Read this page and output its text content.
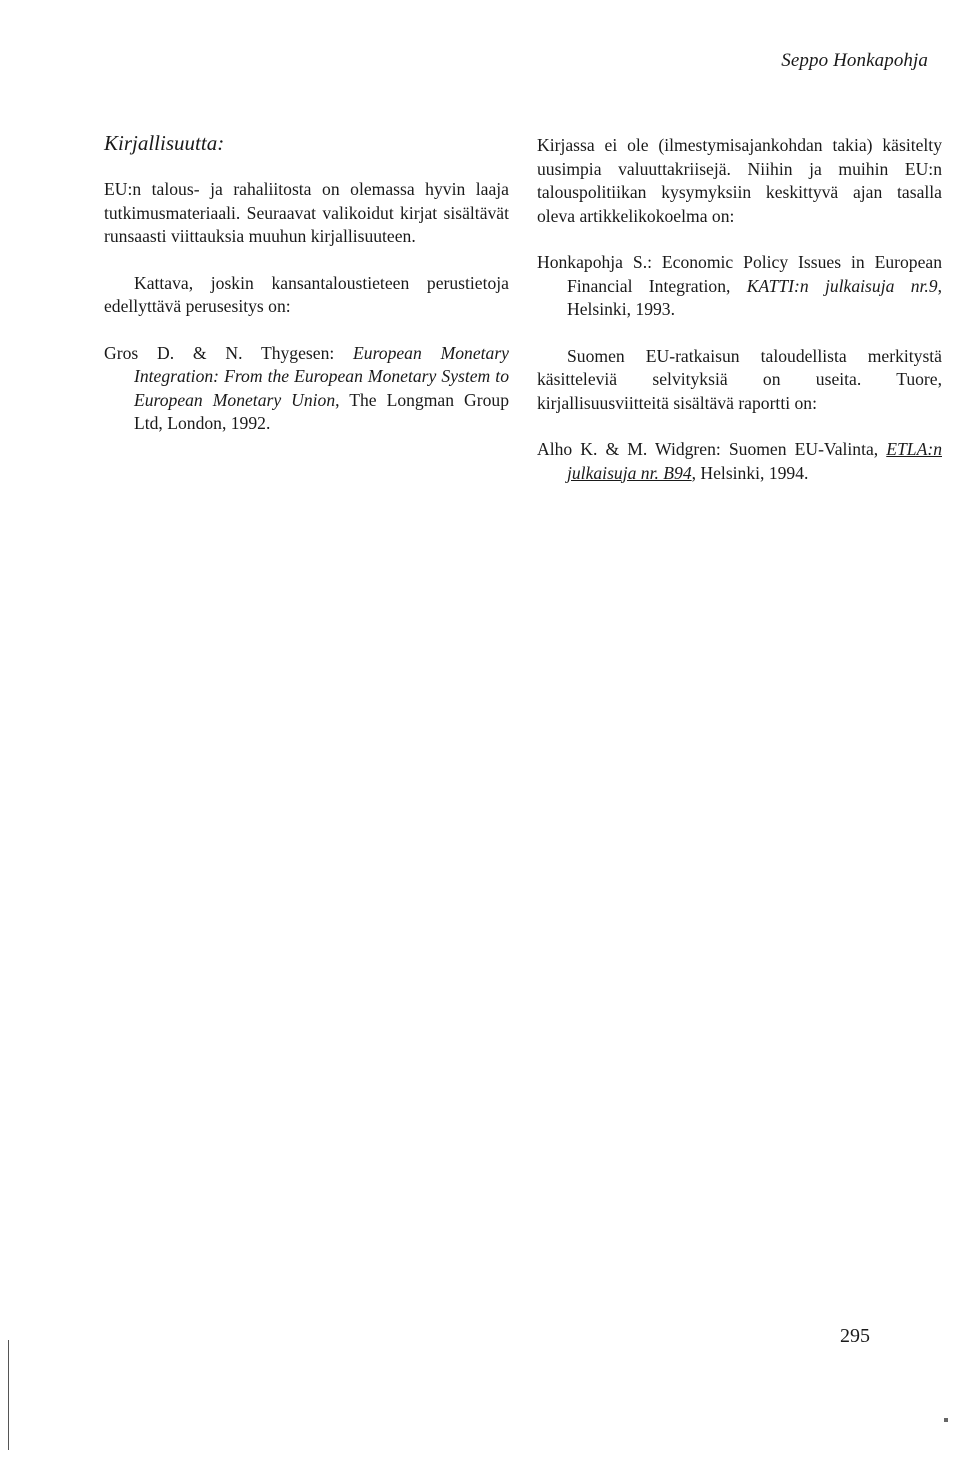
Seppo Honkapohja
Kirjallisuutta:

EU:n talous- ja rahaliitosta on olemassa hyvin laaja tutkimusmateriaali. Seuraavat valikoidut kirjat sisältävät runsaasti viittauksia muuhun kirjallisuuteen.

Kattava, joskin kansantaloustieteen perustietoja edellyttävä perusesitys on:

Gros D. & N. Thygesen: European Monetary Integration: From the European Monetary System to European Monetary Union, The Longman Group Ltd, London, 1992.

Kirjassa ei ole (ilmestymisajankohdan takia) käsitelty uusimpia valuuttakriisejä. Niihin ja muihin EU:n talouspolitiikan kysymyksiin keskittyvä ajan tasalla oleva artikkelikokoelma on:

Honkapohja S.: Economic Policy Issues in European Financial Integration, KATTI:n julkaisuja nr.9, Helsinki, 1993.

Suomen EU-ratkaisun taloudellista merkitystä käsitteleviä selvityksiä on useita. Tuore, kirjallisuusviitteitä sisältävä raportti on:

Alho K. & M. Widgren: Suomen EU-Valinta, ETLA:n julkaisuja nr. B94, Helsinki, 1994.

295
